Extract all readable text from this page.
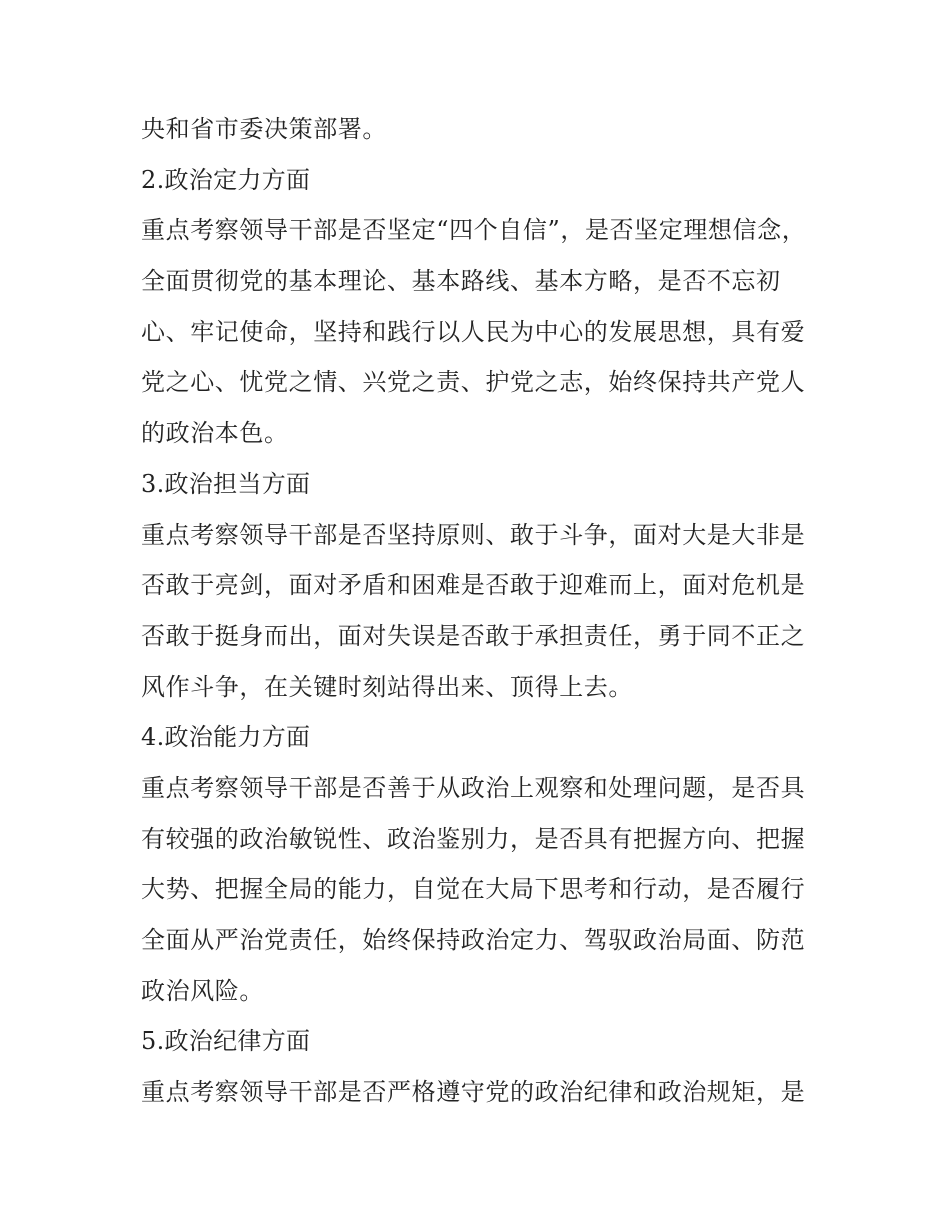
央和省市委决策部署。
2.政治定力方面
重点考察领导干部是否坚定“四个自信”，是否坚定理想信念，
全面贯彻党的基本理论、基本路线、基本方略，是否不忘初
心、牢记使命，坚持和践行以人民为中心的发展思想，具有爱
党之心、忧党之情、兴党之责、护党之志，始终保持共产党人
的政治本色。
3.政治担当方面
重点考察领导干部是否坚持原则、敢于斗争，面对大是大非是
否敢于亮剑，面对矛盾和困难是否敢于迎难而上，面对危机是
否敢于挺身而出，面对失误是否敢于承担责任，勇于同不正之
风作斗争，在关键时刻站得出来、顶得上去。
4.政治能力方面
重点考察领导干部是否善于从政治上观察和处理问题，是否具
有较强的政治敏锐性、政治鉴别力，是否具有把握方向、把握
大势、把握全局的能力，自觉在大局下思考和行动，是否履行
全面从严治党责任，始终保持政治定力、驾驭政治局面、防范
政治风险。
5.政治纪律方面
重点考察领导干部是否严格遵守党的政治纪律和政治规矩，是
